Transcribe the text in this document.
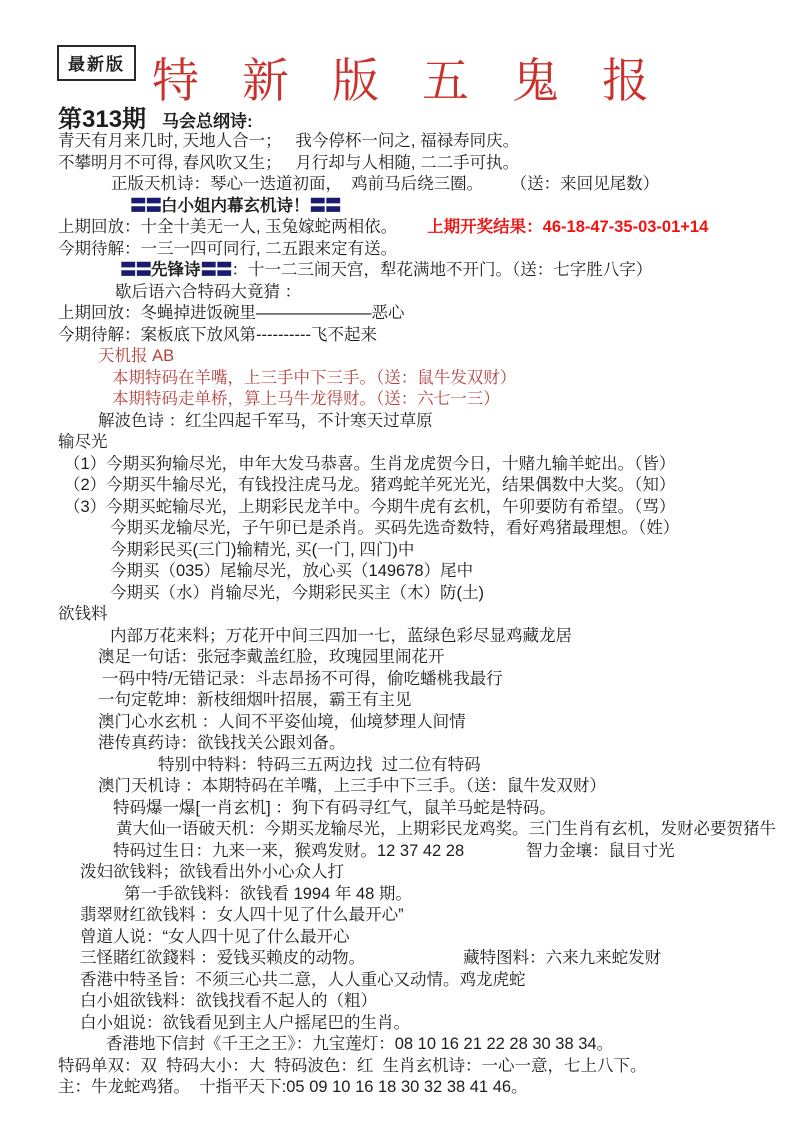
最新版 特新版五鬼报
第313期 马会总纲诗:
青天有月来几时, 天地人合一；   我今停杯一问之, 福禄寿同庆。
不攀明月不可得, 春风吹又生；   月行却与人相随, 二二手可执。
正版天机诗：琴心一迭道初面，  鸡前马后绕三圈。      （送：来回见尾数）
〓〓白小姐内幕玄机诗！〓〓
上期回放：十全十美无一人, 玉兔嫁蛇两相依。 上期开奖结果：46-18-47-35-03-01+14
今期待解：一三一四可同行, 二五跟来定有送。
〓〓先锋诗〓〓：十一二三闹天宫，犁花满地不开门。（送：七字胜八字）
歇后语六合特码大竟猜 ：
上期回放：冬蝇掉进饭碗里———————恶心
今期待解：案板底下放风第----------飞不起来
天机报 AB
本期特码在羊嘴，上三手中下三手。（送：鼠牛发双财）
本期特码走单桥，算上马牛龙得财。（送：六七一三）
解波色诗 ：红尘四起千军马，不计寒天过草原
输尽光
（1）今期买狗输尽光，申年大发马恭喜。生肖龙虎贺今日，十赌九输羊蛇出。（皆）
（2）今期买牛输尽光，有钱投注虎马龙。猪鸡蛇羊死光光，结果偶数中大奖。（知）
（3）今期买蛇输尽光，上期彩民龙羊中。今期牛虎有玄机，午卯要防有希望。（骂）
今期买龙输尽光，子午卯已是杀肖。买码先选奇数特，看好鸡猪最理想。（姓）
今期彩民买(三门)输精光, 买(一门, 四门)中
今期买（035）尾输尽光，放心买（149678）尾中
今期买（水）肖输尽光，今期彩民买主（木）防(土)
欲钱料
内部万花来料；万花开中间三四加一七，蓝绿色彩尽显鸡藏龙居
澳足一句话：张冠李戴盖红脸，玫瑰园里闹花开
一码中特/无错记录：斗志昂扬不可得，偷吃蟠桃我最行
一句定乾坤：新枝细烟叶招展，霸王有主见
澳门心水玄机 ：人间不平姿仙境，仙境梦理人间情
港传真药诗：欲钱找关公跟刘备。
特别中特料：特码三五两边找  过二位有特码
澳门天机诗 ：本期特码在羊嘴，上三手中下三手。（送：鼠牛发双财）
特码爆一爆[一肖玄机] ：狗下有码寻红气，鼠羊马蛇是特码。
黄大仙一语破天机：今期买龙输尽光，上期彩民龙鸡奖。三门生肖有玄机，发财必要贺猪牛
特码过生日：九来一来，猴鸡发财。12 37 42 28	智力金壤：鼠目寸光
泼妇欲钱料；欲钱看出外小心众人打
第一手欲钱料：欲钱看 1994 年 48 期。
翡翠财红欲钱料 ：女人四十见了什么最开心”
曾道人说：“女人四十见了什么最开心
三怪賭红欲錢料 ：爱钱买赖皮的动物。	藏特图料：六来九来蛇发财
香港中特圣旨：不须三心共二意，人人重心又动情。鸡龙虎蛇
白小姐欲钱料：欲钱找看不起人的（粗）
白小姐说：欲钱看见到主人户摇尾巴的生肖。
香港地下信封《千王之王》：九宝莲灯：08 10 16 21 22 28 30 38 34。
特码单双：双  特码大小：大  特码波色：红  生肖玄机诗：一心一意，七上八下。
主：牛龙蛇鸡猪。  十指平天下:05 09 10 16 18 30 32 38 41 46。
